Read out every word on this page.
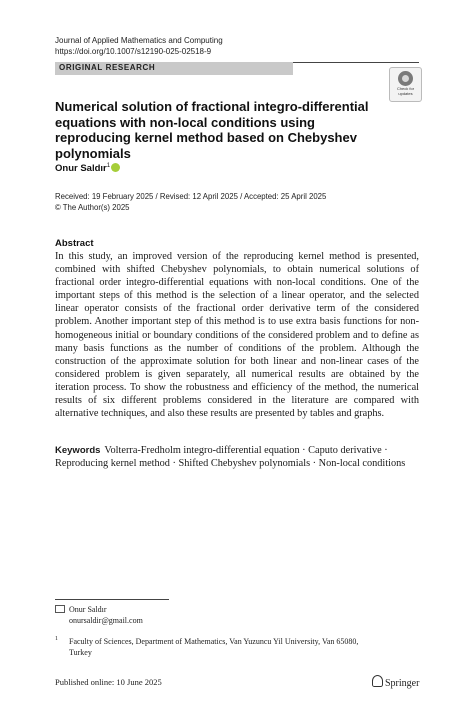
Journal of Applied Mathematics and Computing
https://doi.org/10.1007/s12190-025-02518-9
ORIGINAL RESEARCH
Check for
updates
Numerical solution of fractional integro-differential equations with non-local conditions using reproducing kernel method based on Chebyshev polynomials
Onur Saldır$^1$
Received: 19 February 2025 / Revised: 12 April 2025 / Accepted: 25 April 2025
© The Author(s) 2025
Abstract
In this study, an improved version of the reproducing kernel method is presented, combined with shifted Chebyshev polynomials, to obtain numerical solutions of fractional order integro-differential equations with non-local conditions. One of the important steps of this method is the selection of a linear operator, and the selected linear operator consists of the fractional order derivative term of the considered problem. Another important step of this method is to use extra basis functions for non-homogeneous initial or boundary conditions of the considered problem and to define as many basis functions as the number of conditions of the problem. Although the construction of the approximate solution for both linear and non-linear cases of the considered problem is given separately, all numerical results are obtained by the iteration process. To show the robustness and efficiency of the method, the numerical results of six different problems considered in the literature are compared with alternative techniques, and also these results are presented by tables and graphs.
Keywords Volterra-Fredholm integro-differential equation · Caputo derivative · Reproducing kernel method · Shifted Chebyshev polynomials · Non-local conditions
Onur Saldır
onursaldir@gmail.com
1 Faculty of Sciences, Department of Mathematics, Van Yuzuncu Yil University, Van 65080, Turkey
Published online: 10 June 2025	Springer
